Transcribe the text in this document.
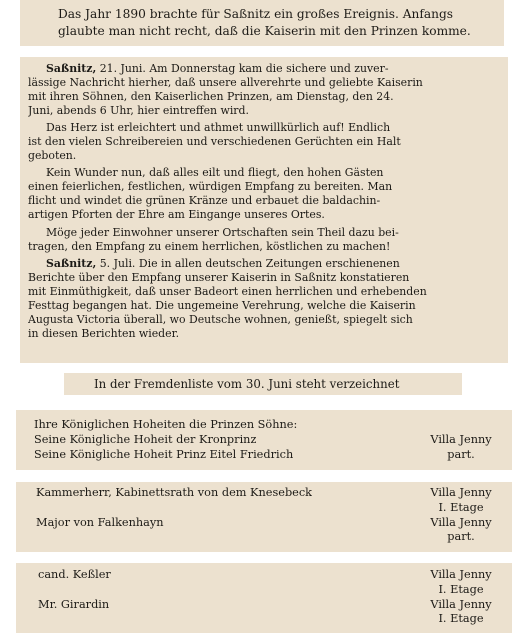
Das Jahr 1890 brachte für Saßnitz ein großes Ereignis. Anfangs
glaubte man nicht recht, daß die Kaiserin mit den Prinzen komme.

Saßnitz, 21. Juni. Am Donnerstag kam die sichere und zuver-
lässige Nachricht hierher, daß unsere allverehrte und geliebte Kaiserin
mit ihren Söhnen, den Kaiserlichen Prinzen, am Dienstag, den 24.
Juni, abends 6 Uhr, hier eintreffen wird.

Das Herz ist erleichtert und athmet unwillkürlich auf! Endlich
ist den vielen Schreibereien und verschiedenen Gerüchten ein Halt
geboten.

Kein Wunder nun, daß alles eilt und fliegt, den hohen Gästen
einen feierlichen, festlichen, würdigen Empfang zu bereiten. Man
flicht und windet die grünen Kränze und erbauet die baldachin-
artigen Pforten der Ehre am Eingange unseres Ortes.

Möge jeder Einwohner unserer Ortschaften sein Theil dazu bei-
tragen, den Empfang zu einem herrlichen, köstlichen zu machen!

Saßnitz, 5. Juli. Die in allen deutschen Zeitungen erschienenen
Berichte über den Empfang unserer Kaiserin in Saßnitz konstatieren
mit Einmüthigkeit, daß unser Badeort einen herrlichen und erhebenden
Festtag begangen hat. Die ungemeine Verehrung, welche die Kaiserin
Augusta Victoria überall, wo Deutsche wohnen, genießt, spiegelt sich
in diesen Berichten wieder.

In der Fremdenliste vom 30. Juni steht verzeichnet
Ihre Königlichen Hoheiten die Prinzen Söhne:
Seine Königliche Hoheit der Kronprinz	Villa Jenny
Seine Königliche Hoheit Prinz Eitel Friedrich	part.
Kammerherr, Kabinettsrath von dem Knesebeck	Villa Jenny
I. Etage
Major von Falkenhayn	Villa Jenny
part.
cand. Keßler	Villa Jenny
I. Etage
Mr. Girardin	Villa Jenny
I. Etage
